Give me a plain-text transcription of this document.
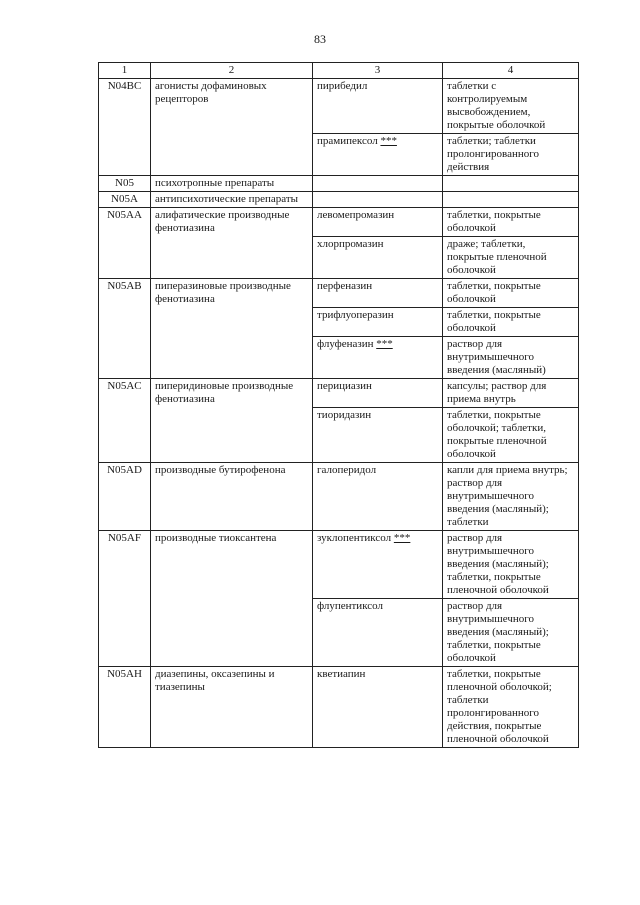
83
1	2	3	4
N04BC	агонисты дофаминовых рецепторов	пирибедил	таблетки с контролируемым высвобождением, покрытые оболочкой
		прамипексол ***	таблетки; таблетки пролонгированного действия
N05	психотропные препараты		
N05A	антипсихотические препараты		
N05AA	алифатические производные фенотиазина	левомепромазин	таблетки, покрытые оболочкой
		хлорпромазин	драже; таблетки, покрытые пленочной оболочкой
N05AB	пиперазиновые производные фенотиазина	перфеназин	таблетки, покрытые оболочкой
		трифлуоперазин	таблетки, покрытые оболочкой
		флуфеназин ***	раствор для внутримышечного введения (масляный)
N05AC	пиперидиновые производные фенотиазина	перициазин	капсулы; раствор для приема внутрь
		тиоридазин	таблетки, покрытые оболочкой; таблетки, покрытые пленочной оболочкой
N05AD	производные бутирофенона	галоперидол	капли для приема внутрь; раствор для внутримышечного введения (масляный); таблетки
N05AF	производные тиоксантена	зуклопентиксол ***	раствор для внутримышечного введения (масляный); таблетки, покрытые пленочной оболочкой
		флупентиксол	раствор для внутримышечного введения (масляный); таблетки, покрытые оболочкой
N05AH	диазепины, оксазепины и тиазепины	кветиапин	таблетки, покрытые пленочной оболочкой; таблетки пролонгированного действия, покрытые пленочной оболочкой
